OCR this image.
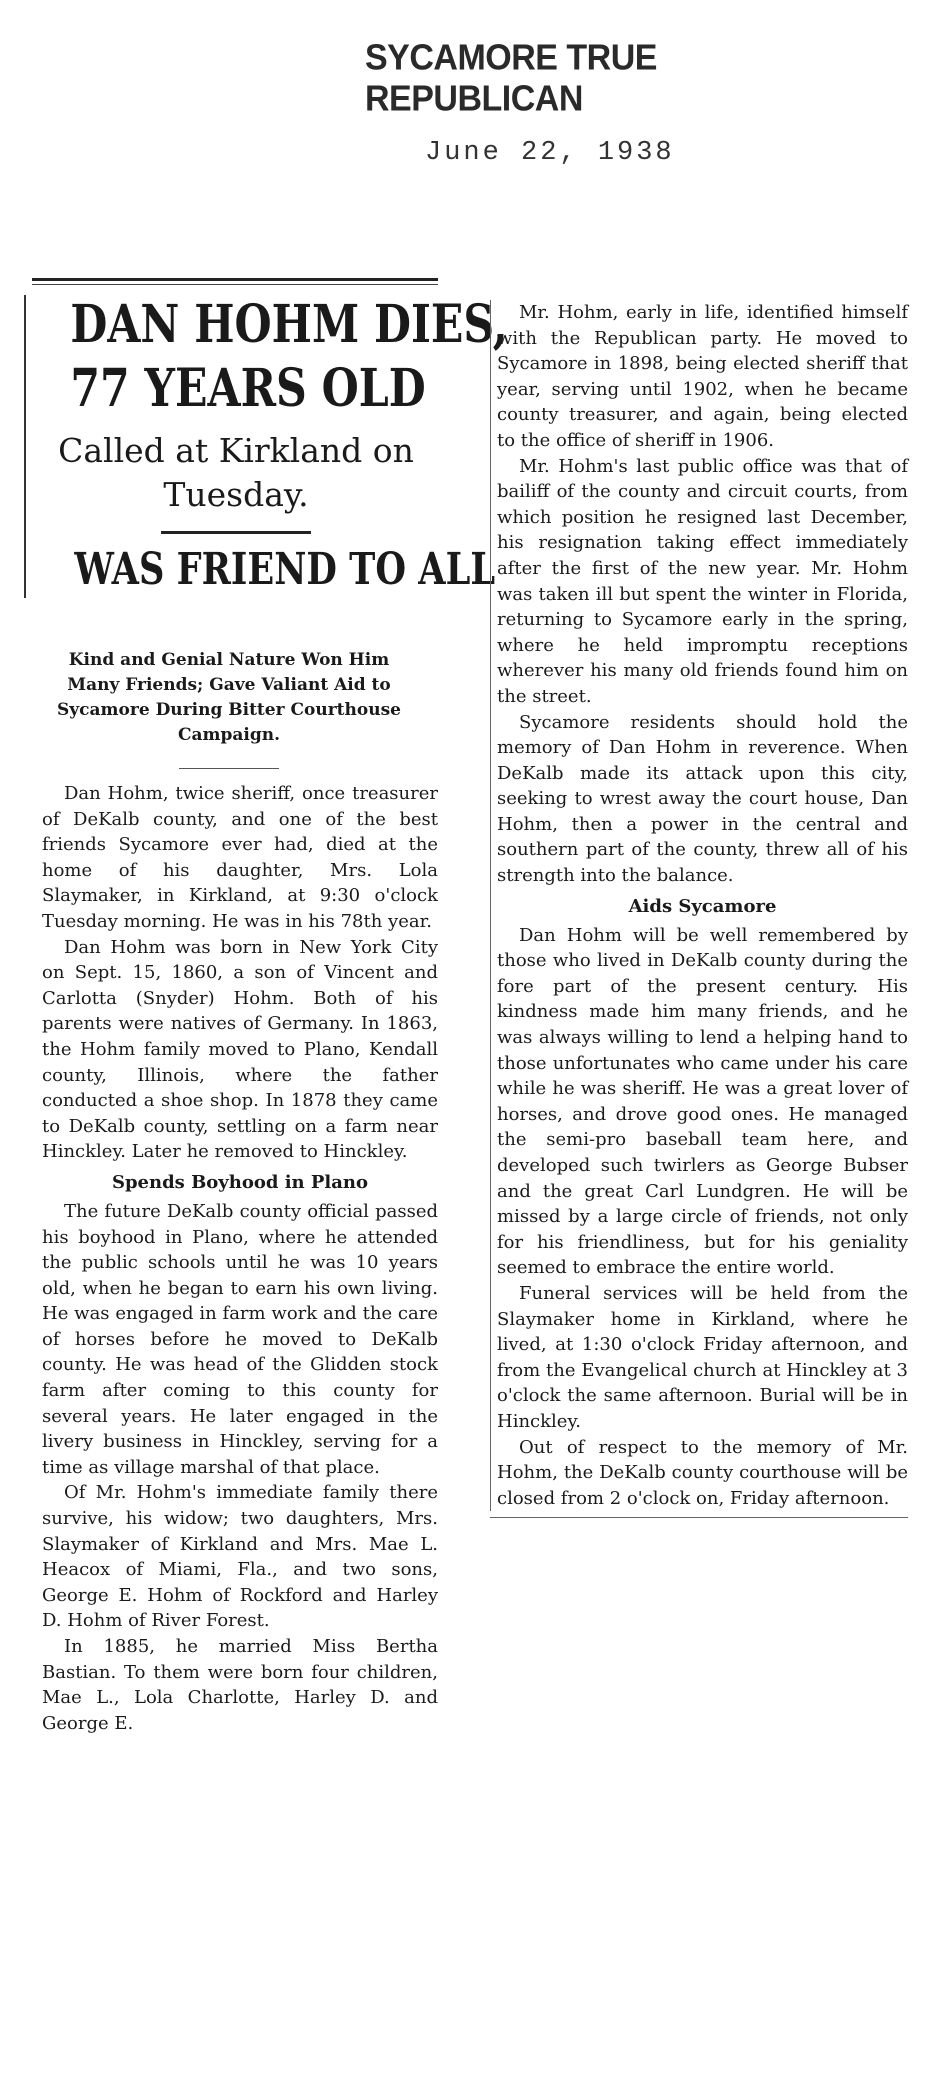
SYCAMORE TRUE REPUBLICAN
June 22, 1938
DAN HOHM DIES,
77 YEARS OLD
Called at Kirkland on Tuesday.
WAS FRIEND TO ALL
Kind and Genial Nature Won Him Many Friends; Gave Valiant Aid to Sycamore During Bitter Courthouse Campaign.

Dan Hohm, twice sheriff, once treasurer of DeKalb county, and one of the best friends Sycamore ever had, died at the home of his daughter, Mrs. Lola Slaymaker, in Kirkland, at 9:30 o'clock Tuesday morning. He was in his 78th year.

Dan Hohm was born in New York City on Sept. 15, 1860, a son of Vincent and Carlotta (Snyder) Hohm. Both of his parents were natives of Germany. In 1863, the Hohm family moved to Plano, Kendall county, Illinois, where the father conducted a shoe shop. In 1878 they came to DeKalb county, settling on a farm near Hinckley. Later he removed to Hinckley.

Spends Boyhood in Plano

The future DeKalb county official passed his boyhood in Plano, where he attended the public schools until he was 10 years old, when he began to earn his own living. He was engaged in farm work and the care of horses before he moved to DeKalb county. He was head of the Glidden stock farm after coming to this county for several years. He later engaged in the livery business in Hinckley, serving for a time as village marshal of that place.

Of Mr. Hohm's immediate family there survive, his widow; two daughters, Mrs. Slaymaker of Kirkland and Mrs. Mae L. Heacox of Miami, Fla., and two sons, George E. Hohm of Rockford and Harley D. Hohm of River Forest.

In 1885, he married Miss Bertha Bastian. To them were born four children, Mae L., Lola Charlotte, Harley D. and George E.

Mr. Hohm, early in life, identified himself with the Republican party. He moved to Sycamore in 1898, being elected sheriff that year, serving until 1902, when he became county treasurer, and again, being elected to the office of sheriff in 1906.

Mr. Hohm's last public office was that of bailiff of the county and circuit courts, from which position he resigned last December, his resignation taking effect immediately after the first of the new year. Mr. Hohm was taken ill but spent the winter in Florida, returning to Sycamore early in the spring, where he held impromptu receptions wherever his many old friends found him on the street.

Sycamore residents should hold the memory of Dan Hohm in reverence. When DeKalb made its attack upon this city, seeking to wrest away the court house, Dan Hohm, then a power in the central and southern part of the county, threw all of his strength into the balance.

Aids Sycamore

Dan Hohm will be well remembered by those who lived in DeKalb county during the fore part of the present century. His kindness made him many friends, and he was always willing to lend a helping hand to those unfortunates who came under his care while he was sheriff. He was a great lover of horses, and drove good ones. He managed the semi-pro baseball team here, and developed such twirlers as George Bubser and the great Carl Lundgren. He will be missed by a large circle of friends, not only for his friendliness, but for his geniality seemed to embrace the entire world.

Funeral services will be held from the Slaymaker home in Kirkland, where he lived, at 1:30 o'clock Friday afternoon, and from the Evangelical church at Hinckley at 3 o'clock the same afternoon. Burial will be in Hinckley.

Out of respect to the memory of Mr. Hohm, the DeKalb county courthouse will be closed from 2 o'clock on, Friday afternoon.
